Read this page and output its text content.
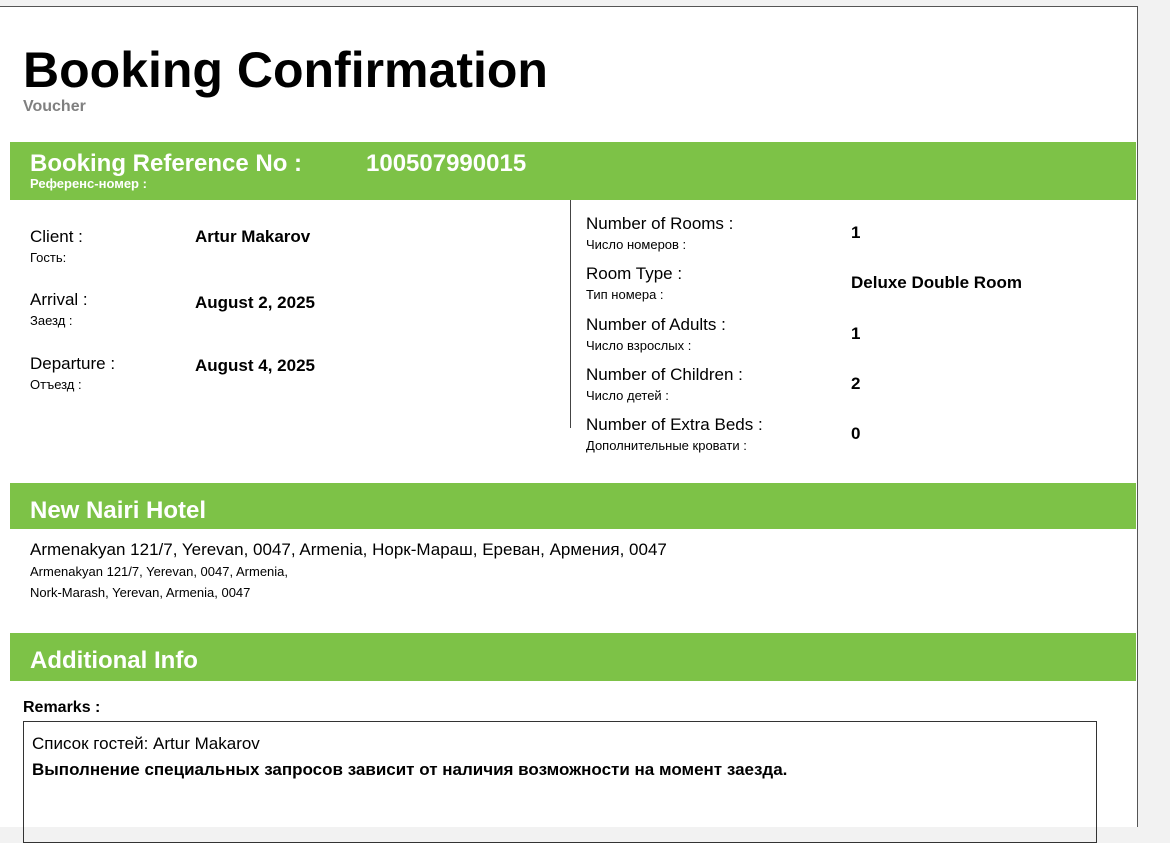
Booking Confirmation
Voucher
Booking Reference No :	100507990015
Референс-номер :
Client :
Гость:
Artur Makarov
Arrival :
Заезд :
August 2, 2025
Departure :
Отъезд :
August 4, 2025
Number of Rooms :
Число номеров :
1
Room Type :
Тип номера :
Deluxe Double Room
Number of Adults :
Число взрослых :
1
Number of Children :
Число детей :
2
Number of Extra Beds :
Дополнительные кровати :
0
New Nairi Hotel
Armenakyan 121/7, Yerevan, 0047, Armenia, Норк-Мараш, Ереван, Армения, 0047
Armenakyan 121/7, Yerevan, 0047, Armenia,
Nork-Marash, Yerevan, Armenia, 0047
Additional Info
Remarks :
Список гостей: Artur Makarov
Выполнение специальных запросов зависит от наличия возможности на момент заезда.
